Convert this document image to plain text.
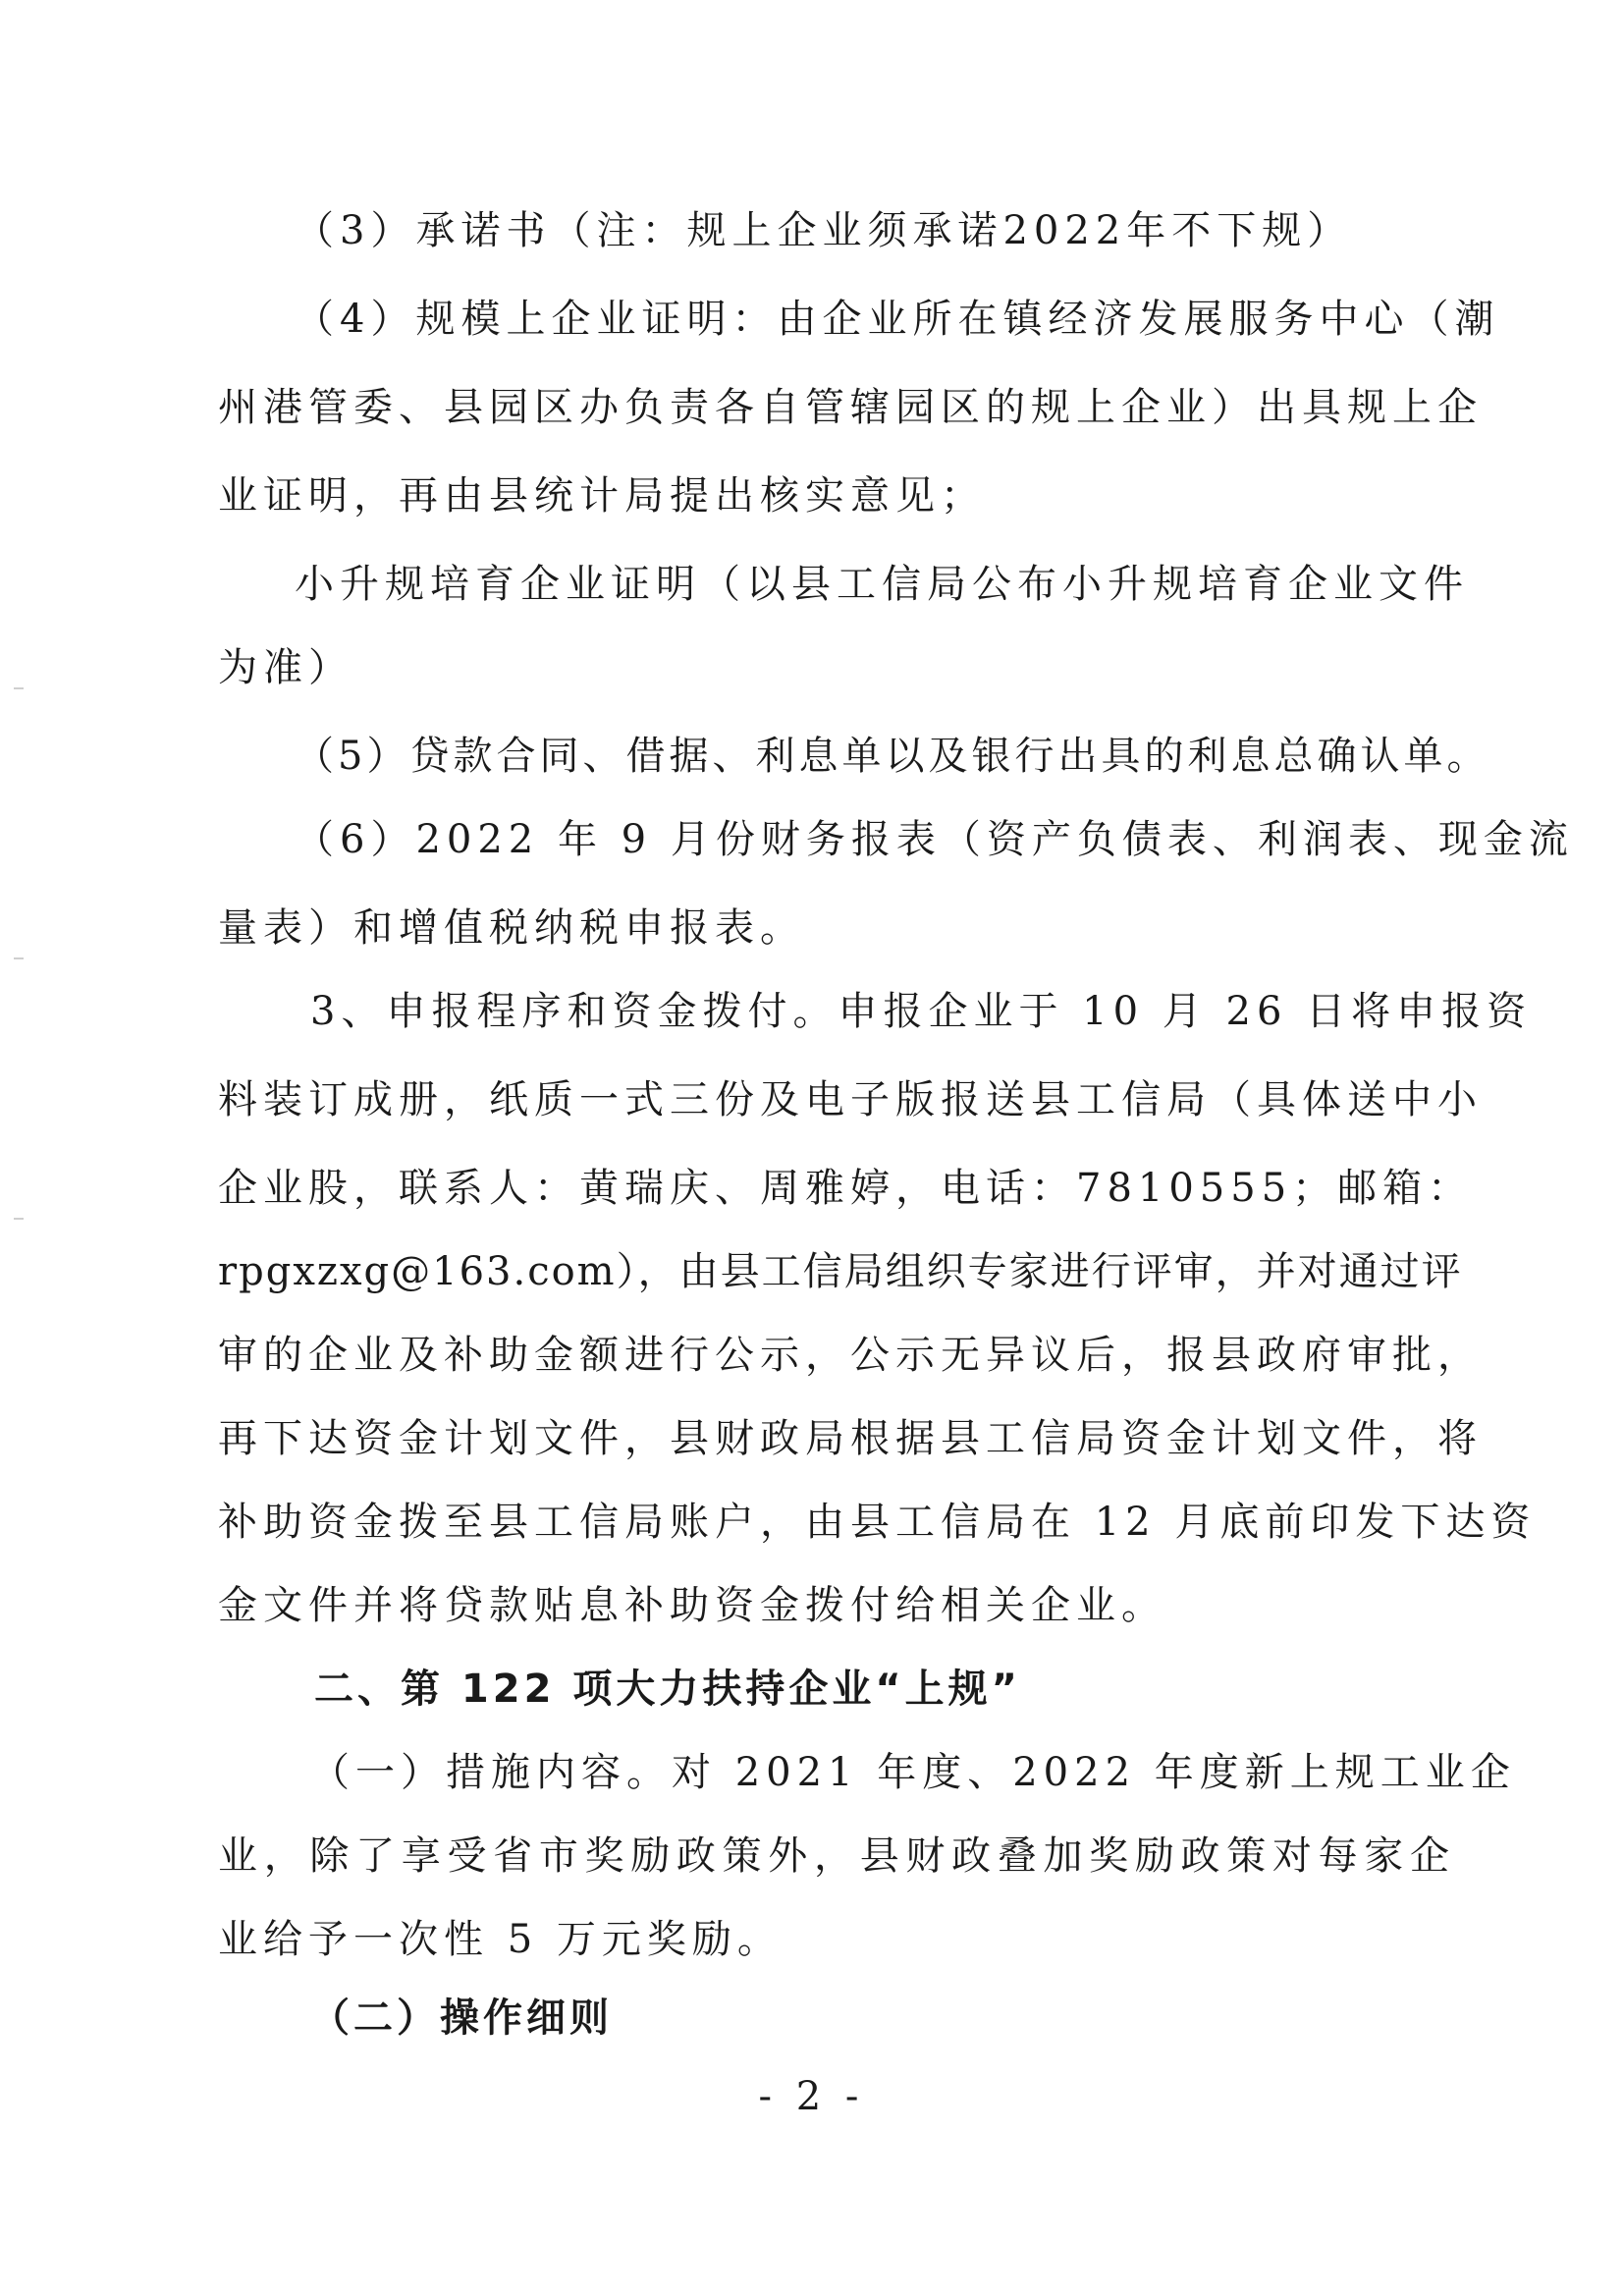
（3）承诺书（注：规上企业须承诺2022年不下规）
（4）规模上企业证明：由企业所在镇经济发展服务中心（潮
州港管委、县园区办负责各自管辖园区的规上企业）出具规上企
业证明，再由县统计局提出核实意见；
小升规培育企业证明（以县工信局公布小升规培育企业文件
为准）
（5）贷款合同、借据、利息单以及银行出具的利息总确认单。
（6）2022 年 9 月份财务报表（资产负债表、利润表、现金流
量表）和增值税纳税申报表。
3、申报程序和资金拨付。申报企业于 10 月 26 日将申报资
料装订成册，纸质一式三份及电子版报送县工信局（具体送中小
企业股，联系人：黄瑞庆、周雅婷，电话：7810555；邮箱：
rpgxzxg@163.com），由县工信局组织专家进行评审，并对通过评
审的企业及补助金额进行公示，公示无异议后，报县政府审批，
再下达资金计划文件，县财政局根据县工信局资金计划文件，将
补助资金拨至县工信局账户，由县工信局在 12 月底前印发下达资
金文件并将贷款贴息补助资金拨付给相关企业。
二、第 122 项大力扶持企业“上规”
（一）措施内容。对 2021 年度、2022 年度新上规工业企
业，除了享受省市奖励政策外，县财政叠加奖励政策对每家企
业给予一次性 5 万元奖励。
（二）操作细则
- 2 -
